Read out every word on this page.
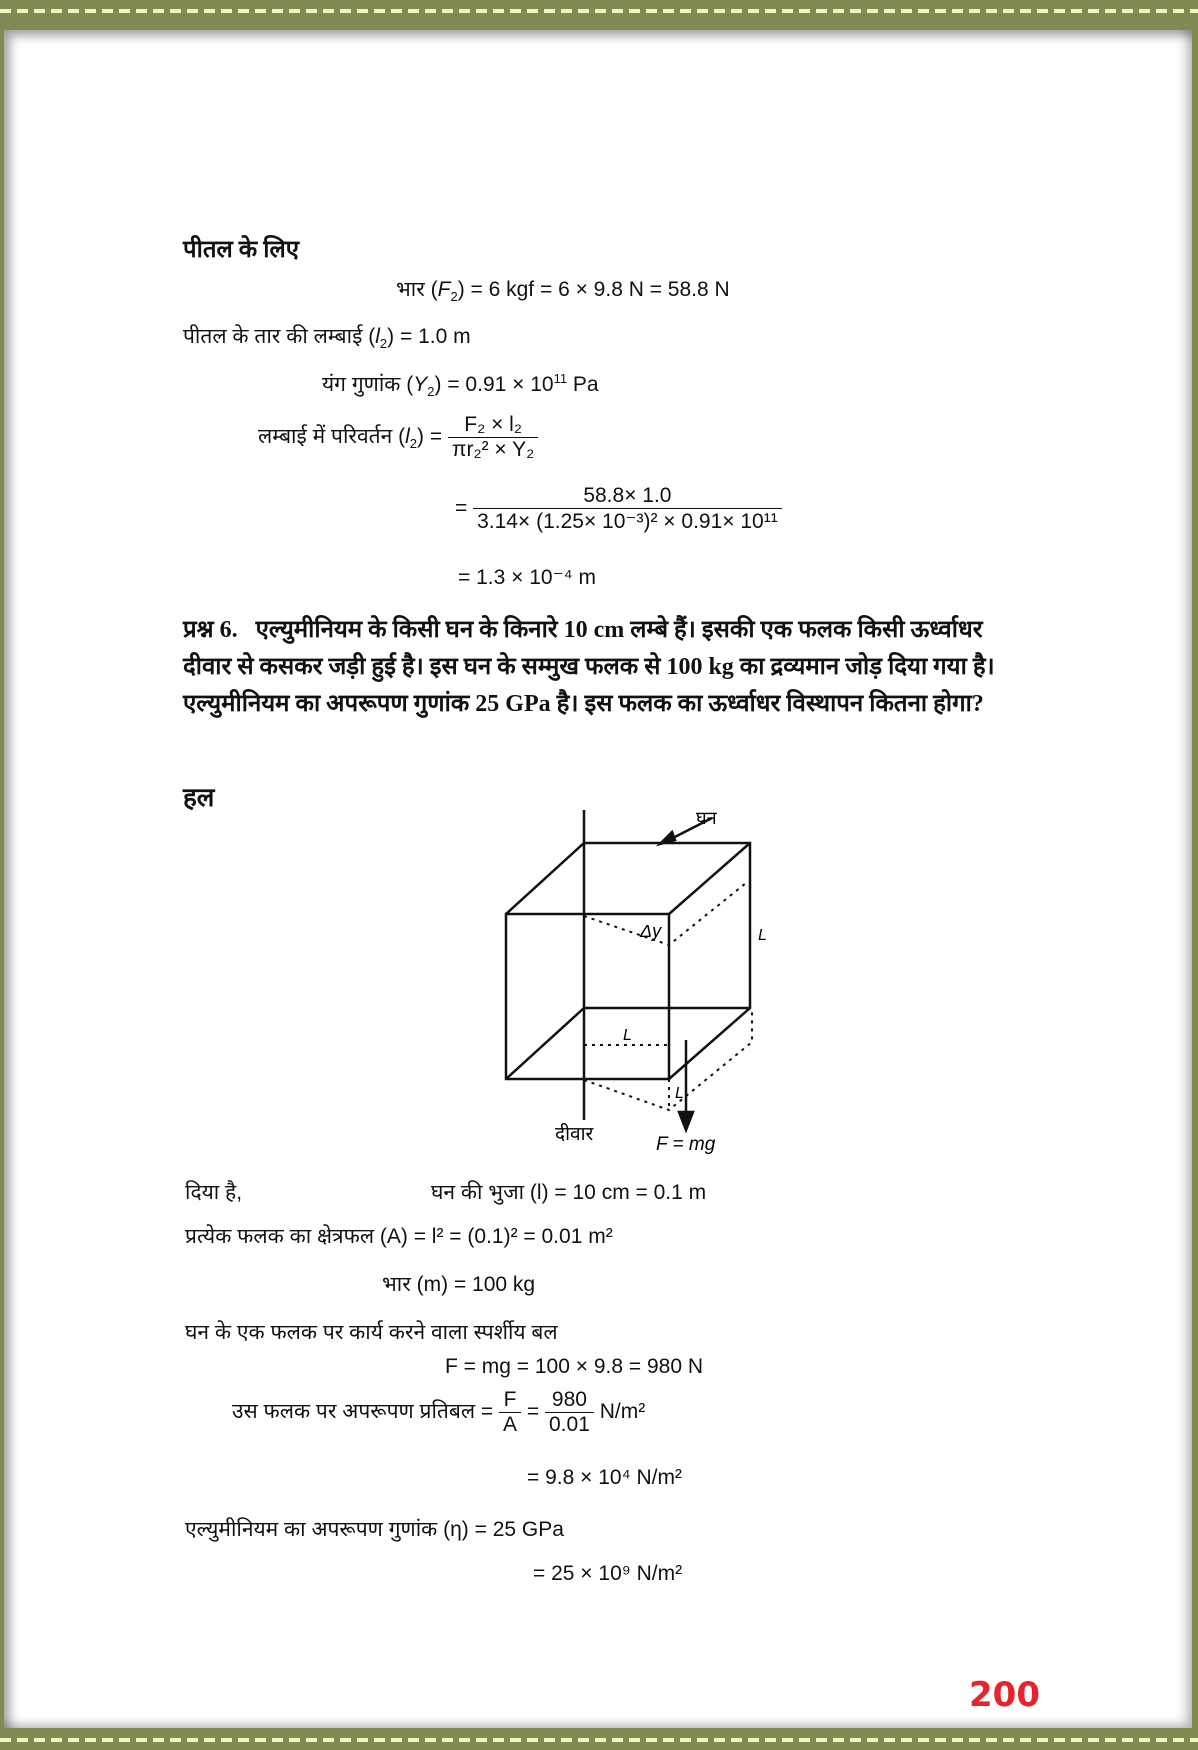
पीतल के लिए
भार $(F_2) = 6$ kgf = 6 × 9.8 N = 58.8 N
पीतल के तार की लम्बाई $(l_2) = 1.0$ m
यंग गुणांक $(Y_2) = 0.91 \times 10^{11}$ Pa
लम्बाई में परिवर्तन $(l_2) = \frac{\text{F₂ × l₂}}{\text{πr₂² × Y₂}}$
= $\frac{58.8\times 1.0}{\text{3.14× (1.25× 10⁻³)² × 0.91× 10¹¹}}$
= 1.3 × 10⁻⁴ m
प्रश्न 6. एल्युमीनियम के किसी घन के किनारे 10 cm लम्बे हैं। इसकी एक फलक किसी ऊर्ध्वाधर दीवार से कसकर जड़ी हुई है। इस घन के सम्मुख फलक से 100 kg का द्रव्यमान जोड़ दिया गया है। एल्युमीनियम का अपरूपण गुणांक 25 GPa है। इस फलक का ऊर्ध्वाधर विस्थापन कितना होगा?
हल
घन
Δy	L
L
L
दीवार	F = mg
दिया है,	घन की भुजा (l) = 10 cm = 0.1 m
प्रत्येक फलक का क्षेत्रफल (A) = l² = (0.1)² = 0.01 m²
भार (m) = 100 kg
घन के एक फलक पर कार्य करने वाला स्पर्शीय बल
F = mg = 100 × 9.8 = 980 N
उस फलक पर अपरूपण प्रतिबल = $\frac{F}{A} = \frac{980}{0.01} N/m^2$
= 9.8 × 10⁴ N/m²
एल्युमीनियम का अपरूपण गुणांक (η) = 25 GPa
= 25 × 10⁹ N/m²
200
